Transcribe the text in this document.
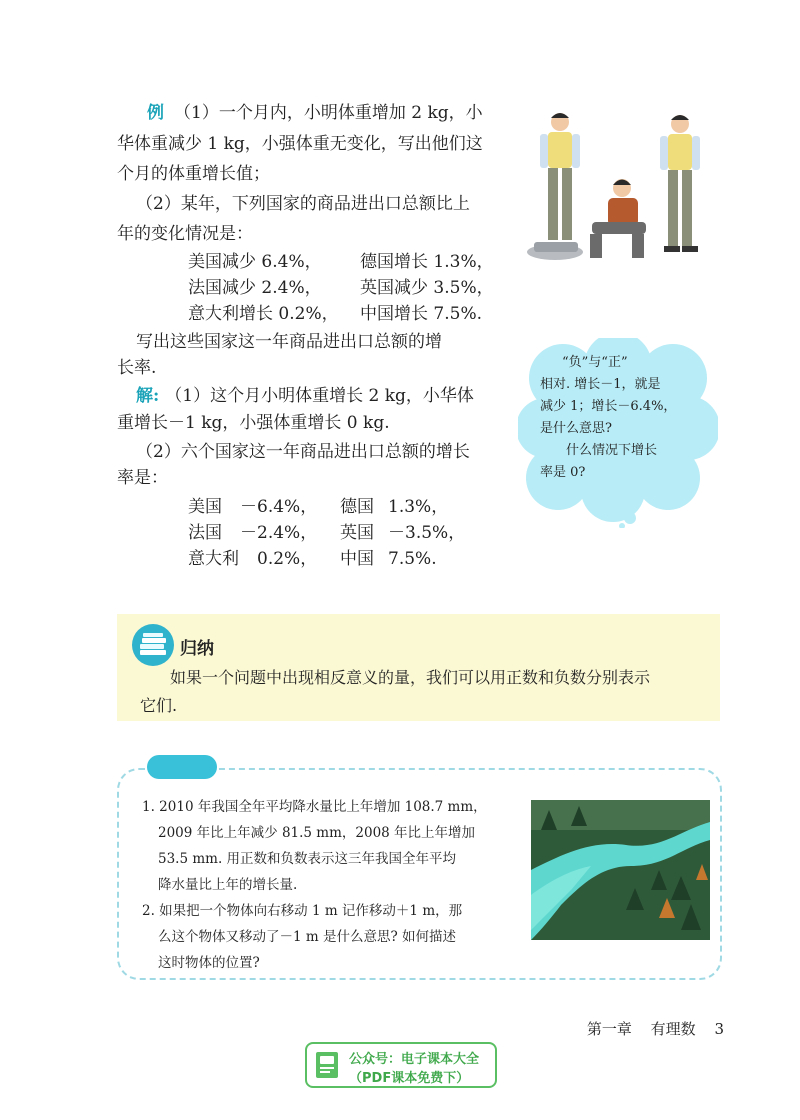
例 （1）一个月内，小明体重增加 2 kg，小
华体重减少 1 kg，小强体重无变化，写出他们这
个月的体重增长值；
（2）某年，下列国家的商品进出口总额比上
年的变化情况是：
美国减少 6.4%， 德国增长 1.3%，
法国减少 2.4%， 英国减少 3.5%，
意大利增长 0.2%， 中国增长 7.5%.
写出这些国家这一年商品进出口总额的增
长率.
解: （1）这个月小明体重增长 2 kg，小华体
重增长－1 kg，小强体重增长 0 kg.
（2）六个国家这一年商品进出口总额的增长
率是：
美国 －6.4%， 德国 1.3%，
法国 －2.4%， 英国 －3.5%，
意大利 0.2%， 中国 7.5%.
“负”与“正”
相对. 增长－1，就是
减少 1；增长－6.4%，
是什么意思?
什么情况下增长
率是 0?
归纳
如果一个问题中出现相反意义的量，我们可以用正数和负数分别表示
它们.
1. 2010 年我国全年平均降水量比上年增加 108.7 mm，
2009 年比上年减少 81.5 mm，2008 年比上年增加
53.5 mm. 用正数和负数表示这三年我国全年平均
降水量比上年的增长量.
2. 如果把一个物体向右移动 1 m 记作移动＋1 m，那
么这个物体又移动了－1 m 是什么意思? 如何描述
这时物体的位置?
第一章 有理数 3
公众号：电子课本大全
（PDF课本免费下）
